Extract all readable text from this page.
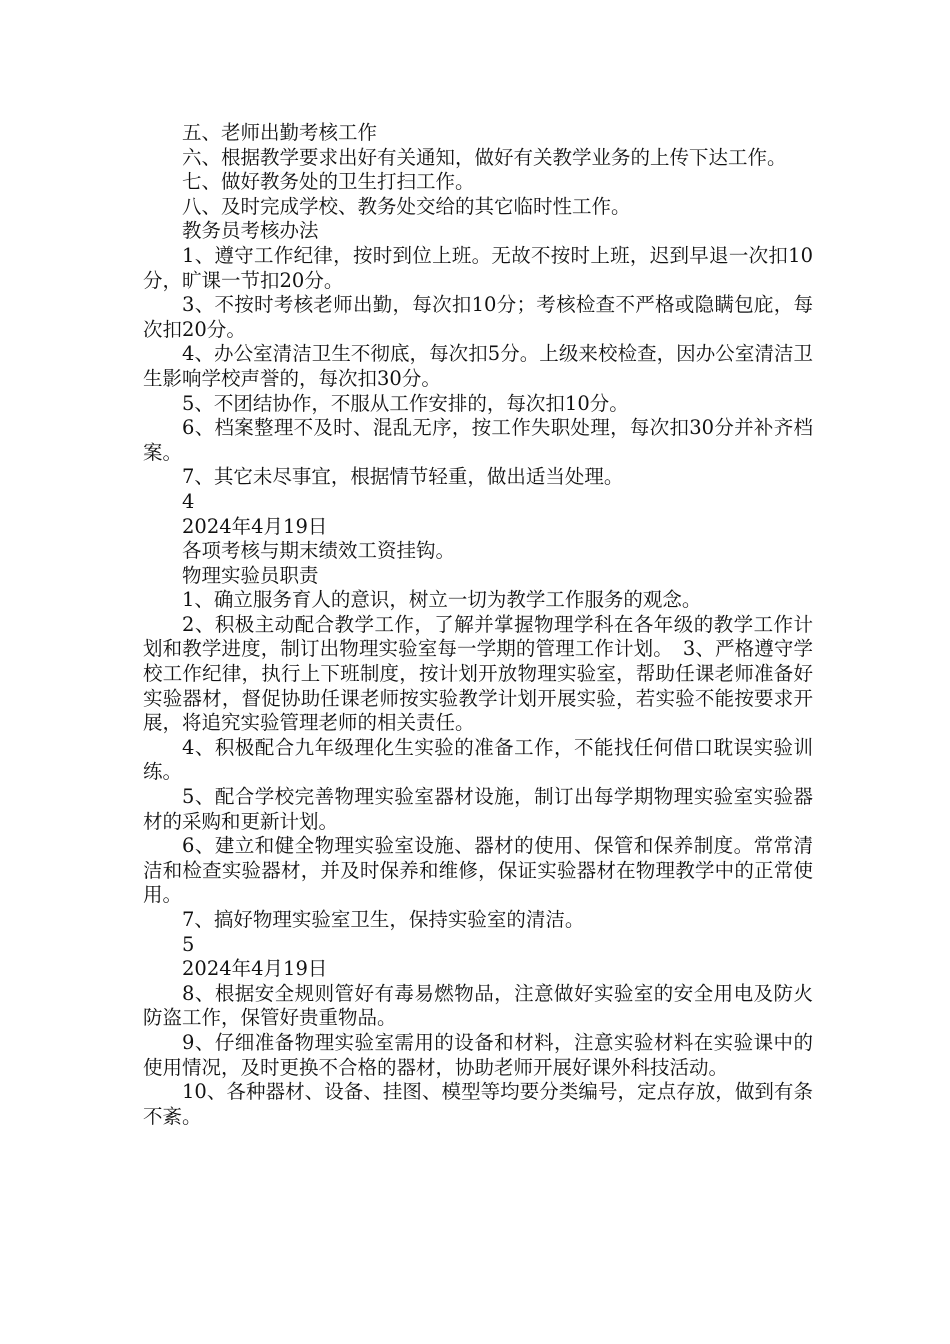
五、老师出勤考核工作

六、根据教学要求出好有关通知，做好有关教学业务的上传下达工作。

七、做好教务处的卫生打扫工作。

八、及时完成学校、教务处交给的其它临时性工作。

教务员考核办法

1、遵守工作纪律，按时到位上班。无故不按时上班，迟到早退一次扣10分，旷课一节扣20分。

3、不按时考核老师出勤，每次扣10分；考核检查不严格或隐瞒包庇，每次扣20分。

4、办公室清洁卫生不彻底，每次扣5分。上级来校检查，因办公室清洁卫生影响学校声誉的，每次扣30分。

5、不团结协作，不服从工作安排的，每次扣10分。

6、档案整理不及时、混乱无序，按工作失职处理，每次扣30分并补齐档案。

7、其它未尽事宜，根据情节轻重，做出适当处理。

4

2024年4月19日

各项考核与期末绩效工资挂钩。

物理实验员职责

1、确立服务育人的意识，树立一切为教学工作服务的观念。

2、积极主动配合教学工作，了解并掌握物理学科在各年级的教学工作计划和教学进度，制订出物理实验室每一学期的管理工作计划。　3、严格遵守学校工作纪律，执行上下班制度，按计划开放物理实验室，帮助任课老师准备好实验器材，督促协助任课老师按实验教学计划开展实验，若实验不能按要求开展，将追究实验管理老师的相关责任。

4、积极配合九年级理化生实验的准备工作，不能找任何借口耽误实验训练。

5、配合学校完善物理实验室器材设施，制订出每学期物理实验室实验器材的采购和更新计划。

6、建立和健全物理实验室设施、器材的使用、保管和保养制度。常常清洁和检查实验器材，并及时保养和维修，保证实验器材在物理教学中的正常使用。

7、搞好物理实验室卫生，保持实验室的清洁。

5

2024年4月19日

8、根据安全规则管好有毒易燃物品，注意做好实验室的安全用电及防火防盗工作，保管好贵重物品。

9、仔细准备物理实验室需用的设备和材料，注意实验材料在实验课中的使用情况，及时更换不合格的器材，协助老师开展好课外科技活动。

10、各种器材、设备、挂图、模型等均要分类编号，定点存放，做到有条不紊。
